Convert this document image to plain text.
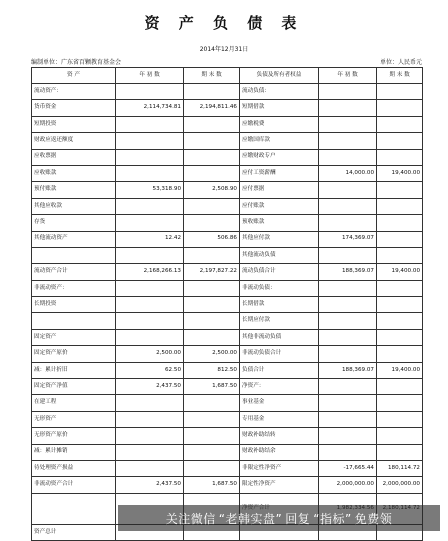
资 产 负 债 表
2014年12月31日
编制单位：广东省百颗教育基金会	单位：人民币元
资 产	年 初 数	期 末 数	负债及所有者权益	年 初 数	期 末 数
流动资产：			流动负债：		
货币资金	2,114,734.81	2,194,811.46	短期借款		
短期投资			应缴税费		
财政应返还额度			应缴国库款		
应收票据			应缴财政专户		
应收账款			应付工资薪酬	14,000.00	19,400.00
预付账款	53,318.90	2,508.90	应付票据		
其他应收款			应付账款		
存货			预收账款		
其他流动资产	12.42	506.86	其他应付款	174,369.07	
			其他流动负债		
流动资产合计	2,168,266.13	2,197,827.22	流动负债合计	188,369.07	19,400.00
非流动资产：			非流动负债：		
长期投资			长期借款		
			长期应付款		
固定资产			其他非流动负债		
固定资产原价	2,500.00	2,500.00	非流动负债合计		
减：累计折旧	62.50	812.50	负债合计	188,369.07	19,400.00
固定资产净值	2,437.50	1,687.50	净资产：		
在建工程			事业基金		
无形资产			专用基金		
无形资产原价			财政补助结转		
减：累计摊销			财政补助结余		
待处理资产损益			非限定性净资产	-17,665.44	180,114.72
非流动资产合计	2,437.50	1,687.50	限定性净资产	2,000,000.00	2,000,000.00

资产总计					
关注微信 “老韩实盘” 回复 “指标” 免费领
